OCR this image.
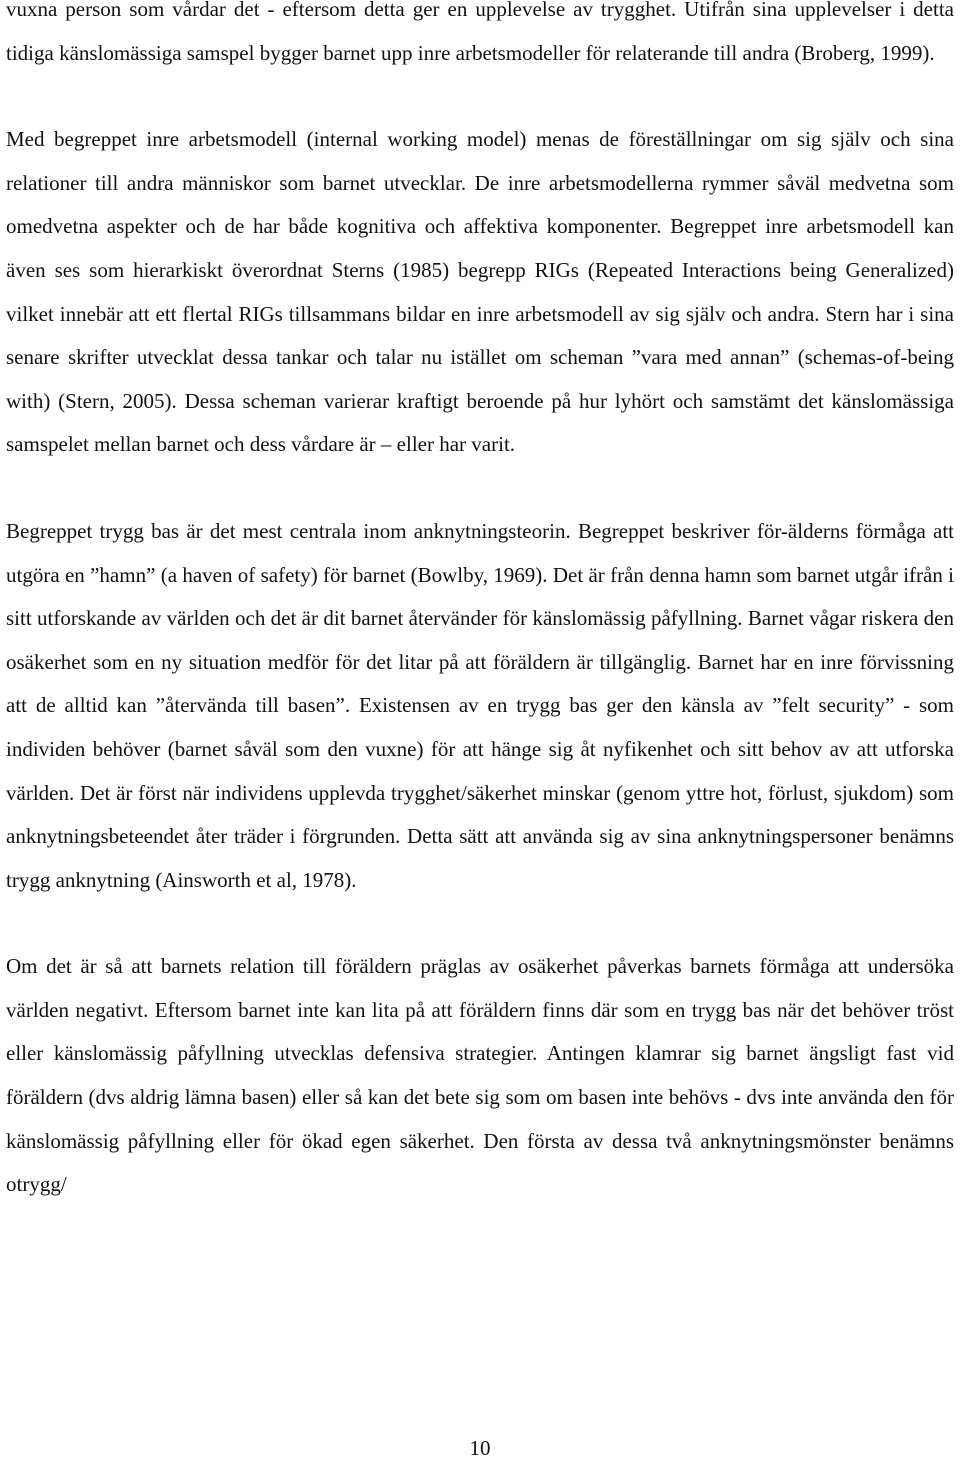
vuxna person som vårdar det - eftersom detta ger en upplevelse av trygghet. Utifrån sina upplevelser i detta tidiga känslomässiga samspel bygger barnet upp inre arbetsmodeller för relaterande till andra (Broberg, 1999).

Med begreppet inre arbetsmodell (internal working model) menas de föreställningar om sig själv och sina relationer till andra människor som barnet utvecklar. De inre arbetsmodellerna rymmer såväl medvetna som omedvetna aspekter och de har både kognitiva och affektiva komponenter. Begreppet inre arbetsmodell kan även ses som hierarkiskt överordnat Sterns (1985) begrepp RIGs (Repeated Interactions being Generalized) vilket innebär att ett flertal RIGs tillsammans bildar en inre arbetsmodell av sig själv och andra. Stern har i sina senare skrifter utvecklat dessa tankar och talar nu istället om scheman ”vara med annan” (schemas-of-being with) (Stern, 2005). Dessa scheman varierar kraftigt beroende på hur lyhört och samstämt det känslomässiga samspelet mellan barnet och dess vårdare är – eller har varit.

Begreppet trygg bas är det mest centrala inom anknytningsteorin. Begreppet beskriver för-älderns förmåga att utgöra en ”hamn” (a haven of safety) för barnet (Bowlby, 1969). Det är från denna hamn som barnet utgår ifrån i sitt utforskande av världen och det är dit barnet återvänder för känslomässig påfyllning. Barnet vågar riskera den osäkerhet som en ny situation medför för det litar på att föräldern är tillgänglig. Barnet har en inre förvissning att de alltid kan ”återvända till basen”. Existensen av en trygg bas ger den känsla av ”felt security” - som individen behöver (barnet såväl som den vuxne) för att hänge sig åt nyfikenhet och sitt behov av att utforska världen. Det är först när individens upplevda trygghet/säkerhet minskar (genom yttre hot, förlust, sjukdom) som anknytningsbeteendet åter träder i förgrunden. Detta sätt att använda sig av sina anknytningspersoner benämns trygg anknytning (Ainsworth et al, 1978).

Om det är så att barnets relation till föräldern präglas av osäkerhet påverkas barnets förmåga att undersöka världen negativt. Eftersom barnet inte kan lita på att föräldern finns där som en trygg bas när det behöver tröst eller känslomässig påfyllning utvecklas defensiva strategier. Antingen klamrar sig barnet ängsligt fast vid föräldern (dvs aldrig lämna basen) eller så kan det bete sig som om basen inte behövs - dvs inte använda den för känslomässig påfyllning eller för ökad egen säkerhet. Den första av dessa två anknytningsmönster benämns otrygg/

10
